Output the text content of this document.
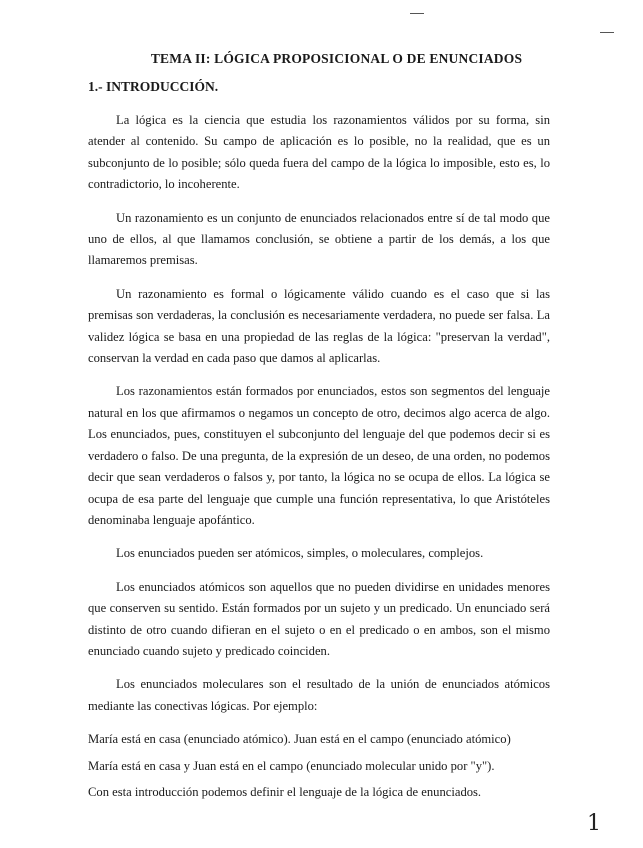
TEMA II: LÓGICA PROPOSICIONAL O DE ENUNCIADOS
1.- INTRODUCCIÓN.

La lógica es la ciencia que estudia los razonamientos válidos por su forma, sin atender al contenido. Su campo de aplicación es lo posible, no la realidad, que es un subconjunto de lo posible; sólo queda fuera del campo de la lógica lo imposible, esto es, lo contradictorio, lo incoherente.

Un razonamiento es un conjunto de enunciados relacionados entre sí de tal modo que uno de ellos, al que llamamos conclusión, se obtiene a partir de los demás, a los que llamaremos premisas.

Un razonamiento es formal o lógicamente válido cuando es el caso que si las premisas son verdaderas, la conclusión es necesariamente verdadera, no puede ser falsa. La validez lógica se basa en una propiedad de las reglas de la lógica: "preservan la verdad", conservan la verdad en cada paso que damos al aplicarlas.

Los razonamientos están formados por enunciados, estos son segmentos del lenguaje natural en los que afirmamos o negamos un concepto de otro, decimos algo acerca de algo. Los enunciados, pues, constituyen el subconjunto del lenguaje del que podemos decir si es verdadero o falso. De una pregunta, de la expresión de un deseo, de una orden, no podemos decir que sean verdaderos o falsos y, por tanto, la lógica no se ocupa de ellos. La lógica se ocupa de esa parte del lenguaje que cumple una función representativa, lo que Aristóteles denominaba lenguaje apofántico.

Los enunciados pueden ser atómicos, simples, o moleculares, complejos.

Los enunciados atómicos son aquellos que no pueden dividirse en unidades menores que conserven su sentido. Están formados por un sujeto y un predicado. Un enunciado será distinto de otro cuando difieran en el sujeto o en el predicado o en ambos, son el mismo enunciado cuando sujeto y predicado coinciden.

Los enunciados moleculares son el resultado de la unión de enunciados atómicos mediante las conectivas lógicas. Por ejemplo:

María está en casa (enunciado atómico). Juan está en el campo (enunciado atómico)

María está en casa y Juan está en el campo (enunciado molecular unido por "y").

Con esta introducción podemos definir el lenguaje de la lógica de enunciados.

1
